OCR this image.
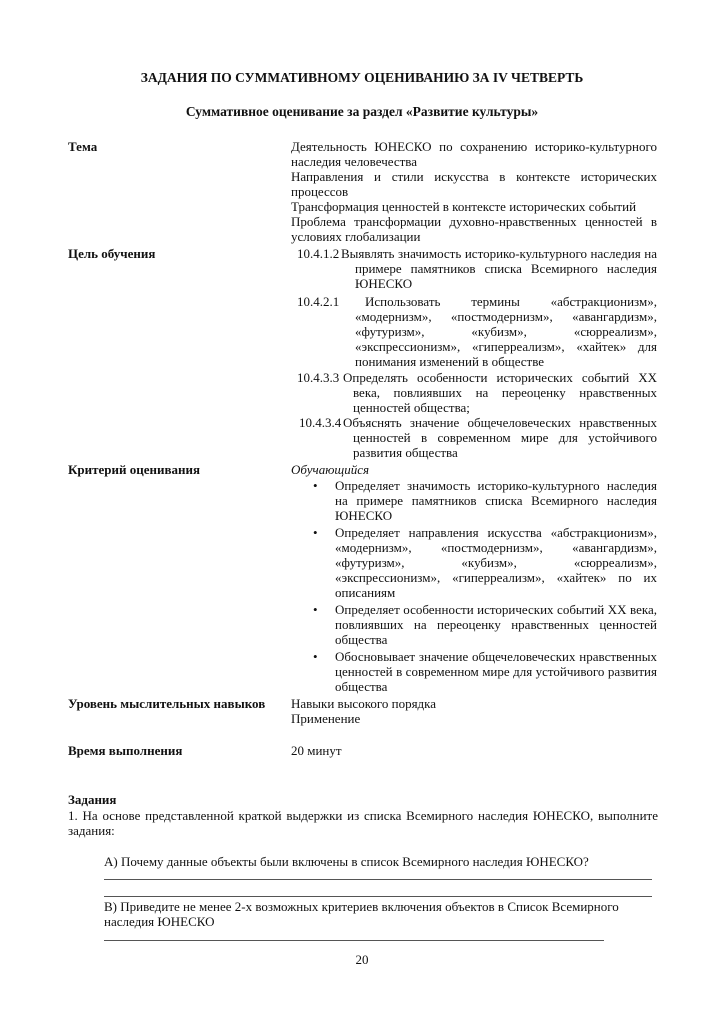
ЗАДАНИЯ ПО СУММАТИВНОМУ ОЦЕНИВАНИЮ ЗА IV ЧЕТВЕРТЬ
Суммативное оценивание за раздел «Развитие культуры»
Тема	Деятельность ЮНЕСКО по сохранению историко-культурного наследия человечества
Направления и стили искусства в контексте исторических процессов
Трансформация ценностей в контексте исторических событий
Проблема трансформации духовно-нравственных ценностей в условиях глобализации
Цель обучения	10.4.1.2 Выявлять значимость историко-культурного наследия на примере памятников списка Всемирного наследия ЮНЕСКО
10.4.2.1	Использовать термины «абстракционизм», «модернизм», «постмодернизм», «авангардизм», «футуризм», «кубизм», «сюрреализм», «экспрессионизм», «гиперреализм», «хайтек» для понимания изменений в обществе
10.4.3.3 Определять особенности исторических событий ХХ века, повлиявших на переоценку нравственных ценностей общества;
10.4.3.4 Объяснять значение общечеловеческих нравственных ценностей в современном мире для устойчивого развития общества
Критерий оценивания	Обучающийся
• Определяет значимость историко-культурного наследия на примере памятников списка Всемирного наследия ЮНЕСКО
• Определяет направления искусства «абстракционизм», «модернизм», «постмодернизм», «авангардизм», «футуризм», «кубизм», «сюрреализм», «экспрессионизм», «гиперреализм», «хайтек» по их описаниям
• Определяет особенности исторических событий ХХ века, повлиявших на переоценку нравственных ценностей общества
• Обосновывает значение общечеловеческих нравственных ценностей в современном мире для устойчивого развития общества
Уровень мыслительных навыков	Навыки высокого порядка
Применение
Время выполнения	20 минут
Задания
1. На основе представленной краткой выдержки из списка Всемирного наследия ЮНЕСКО, выполните задания:
А) Почему данные объекты были включены в список Всемирного наследия ЮНЕСКО?
В) Приведите не менее 2-х возможных критериев включения объектов в Список Всемирного наследия ЮНЕСКО
20
